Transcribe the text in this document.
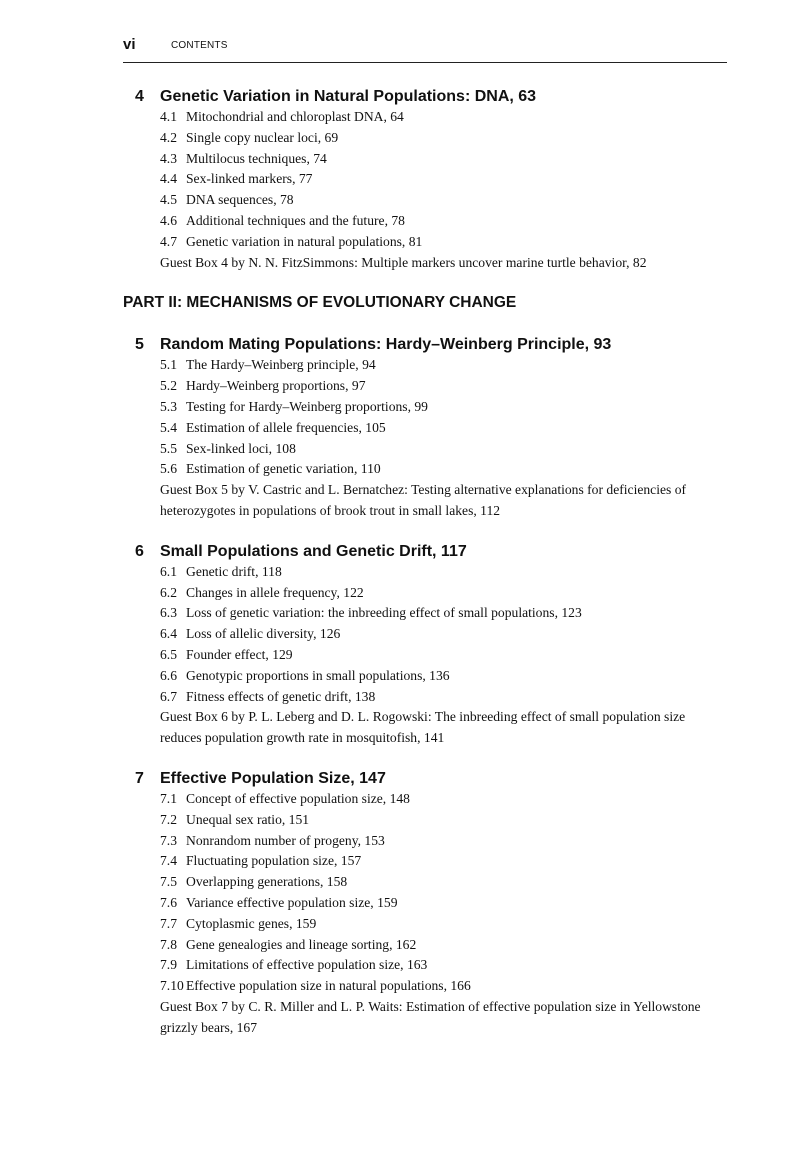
vi	CONTENTS
4 Genetic Variation in Natural Populations: DNA, 63
4.1 Mitochondrial and chloroplast DNA, 64
4.2 Single copy nuclear loci, 69
4.3 Multilocus techniques, 74
4.4 Sex-linked markers, 77
4.5 DNA sequences, 78
4.6 Additional techniques and the future, 78
4.7 Genetic variation in natural populations, 81
Guest Box 4 by N. N. FitzSimmons: Multiple markers uncover marine turtle behavior, 82
PART II: MECHANISMS OF EVOLUTIONARY CHANGE
5 Random Mating Populations: Hardy–Weinberg Principle, 93
5.1 The Hardy–Weinberg principle, 94
5.2 Hardy–Weinberg proportions, 97
5.3 Testing for Hardy–Weinberg proportions, 99
5.4 Estimation of allele frequencies, 105
5.5 Sex-linked loci, 108
5.6 Estimation of genetic variation, 110
Guest Box 5 by V. Castric and L. Bernatchez: Testing alternative explanations for deficiencies of heterozygotes in populations of brook trout in small lakes, 112
6 Small Populations and Genetic Drift, 117
6.1 Genetic drift, 118
6.2 Changes in allele frequency, 122
6.3 Loss of genetic variation: the inbreeding effect of small populations, 123
6.4 Loss of allelic diversity, 126
6.5 Founder effect, 129
6.6 Genotypic proportions in small populations, 136
6.7 Fitness effects of genetic drift, 138
Guest Box 6 by P. L. Leberg and D. L. Rogowski: The inbreeding effect of small population size reduces population growth rate in mosquitofish, 141
7 Effective Population Size, 147
7.1 Concept of effective population size, 148
7.2 Unequal sex ratio, 151
7.3 Nonrandom number of progeny, 153
7.4 Fluctuating population size, 157
7.5 Overlapping generations, 158
7.6 Variance effective population size, 159
7.7 Cytoplasmic genes, 159
7.8 Gene genealogies and lineage sorting, 162
7.9 Limitations of effective population size, 163
7.10 Effective population size in natural populations, 166
Guest Box 7 by C. R. Miller and L. P. Waits: Estimation of effective population size in Yellowstone grizzly bears, 167
